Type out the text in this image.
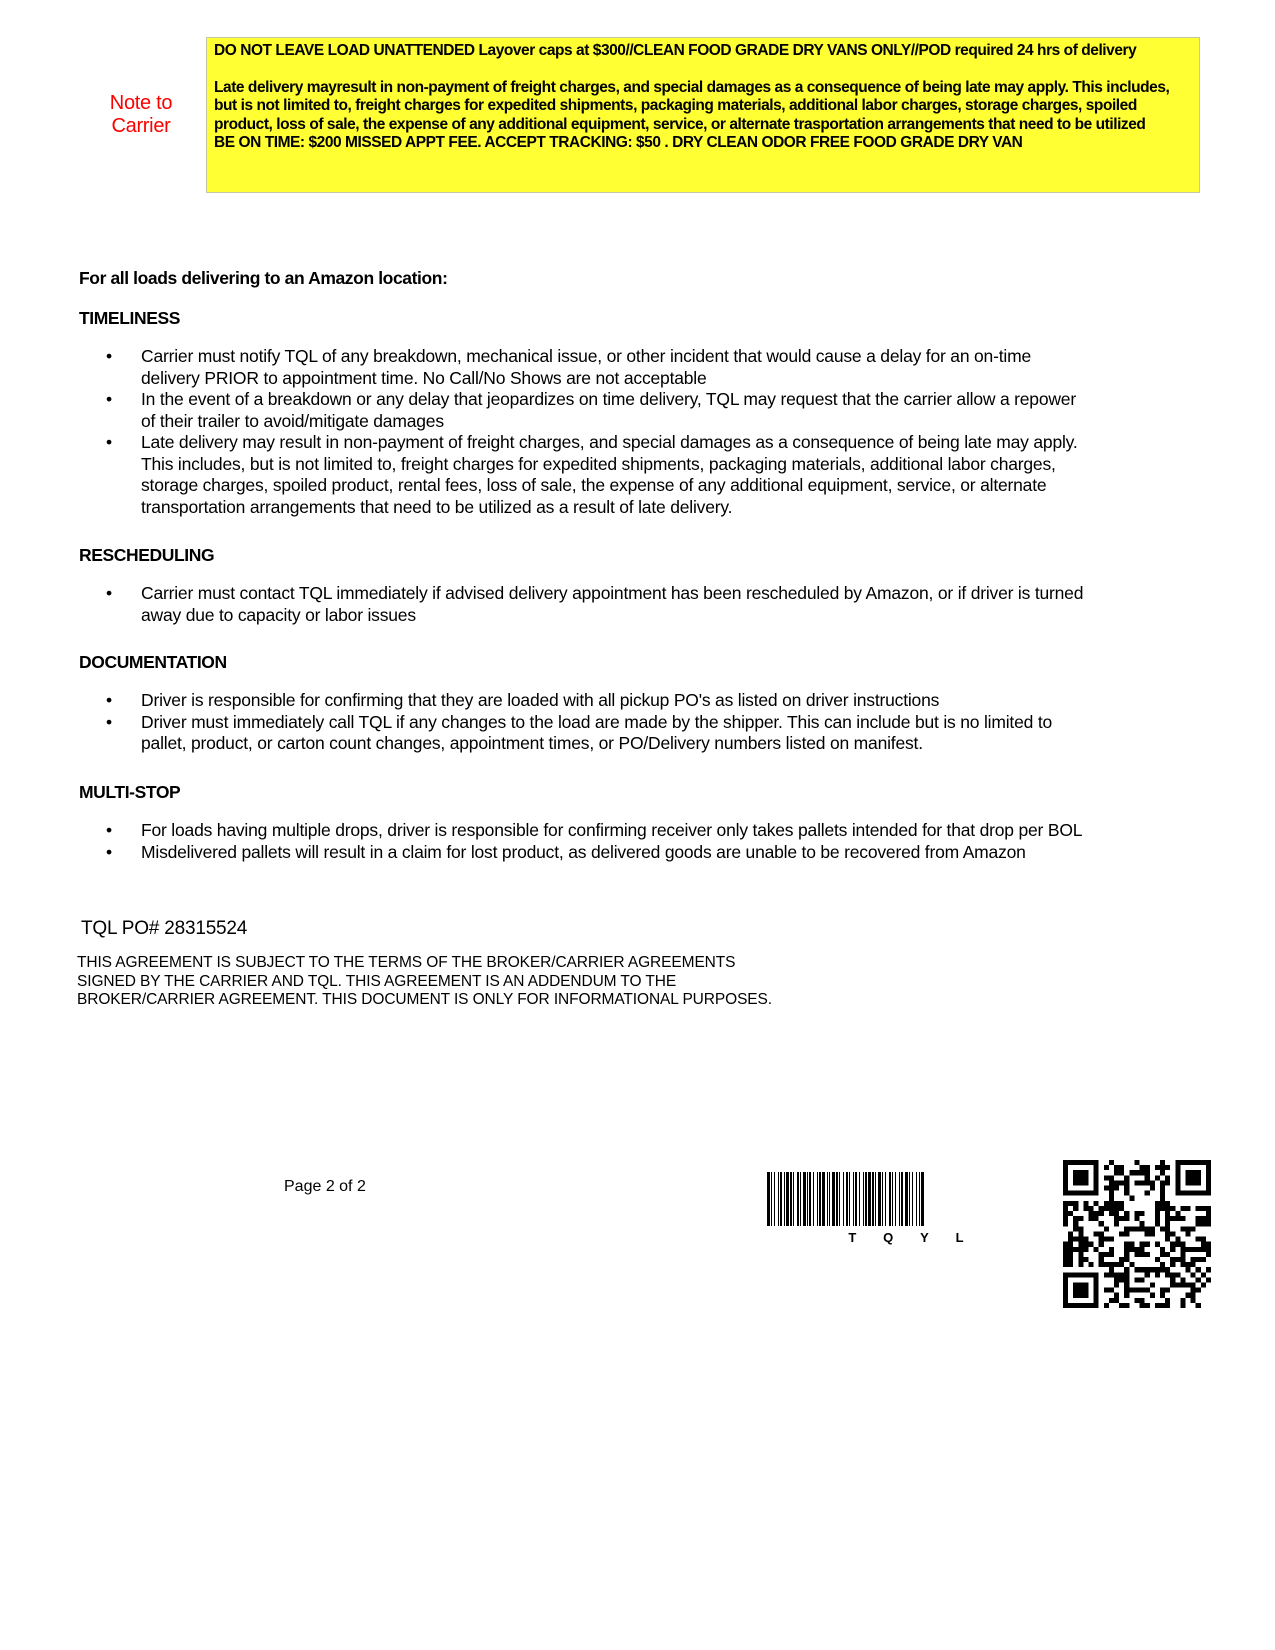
Note to Carrier

DO NOT LEAVE LOAD UNATTENDED Layover caps at $300//CLEAN FOOD GRADE DRY VANS ONLY//POD required 24 hrs of delivery

Late delivery mayresult in non-payment of freight charges, and special damages as a consequence of being late may apply. This includes, but is not limited to, freight charges for expedited shipments, packaging materials, additional labor charges, storage charges, spoiled product, loss of sale, the expense of any additional equipment, service, or alternate trasportation arrangements that need to be utilized

BE ON TIME: $200 MISSED APPT FEE. ACCEPT TRACKING: $50 . DRY CLEAN ODOR FREE FOOD GRADE DRY VAN

For all loads delivering to an Amazon location:
TIMELINESS
• Carrier must notify TQL of any breakdown, mechanical issue, or other incident that would cause a delay for an on-time delivery PRIOR to appointment time. No Call/No Shows are not acceptable
• In the event of a breakdown or any delay that jeopardizes on time delivery, TQL may request that the carrier allow a repower of their trailer to avoid/mitigate damages
• Late delivery may result in non-payment of freight charges, and special damages as a consequence of being late may apply. This includes, but is not limited to, freight charges for expedited shipments, packaging materials, additional labor charges, storage charges, spoiled product, rental fees, loss of sale, the expense of any additional equipment, service, or alternate transportation arrangements that need to be utilized as a result of late delivery.
RESCHEDULING
• Carrier must contact TQL immediately if advised delivery appointment has been rescheduled by Amazon, or if driver is turned away due to capacity or labor issues
DOCUMENTATION
• Driver is responsible for confirming that they are loaded with all pickup PO's as listed on driver instructions
• Driver must immediately call TQL if any changes to the load are made by the shipper. This can include but is no limited to pallet, product, or carton count changes, appointment times, or PO/Delivery numbers listed on manifest.
MULTI-STOP
• For loads having multiple drops, driver is responsible for confirming receiver only takes pallets intended for that drop per BOL
• Misdelivered pallets will result in a claim for lost product, as delivered goods are unable to be recovered from Amazon
TQL PO# 28315524
THIS AGREEMENT IS SUBJECT TO THE TERMS OF THE BROKER/CARRIER AGREEMENTS SIGNED BY THE CARRIER AND TQL. THIS AGREEMENT IS AN ADDENDUM TO THE BROKER/CARRIER AGREEMENT. THIS DOCUMENT IS ONLY FOR INFORMATIONAL PURPOSES.
Page 2 of 2
T Q Y L
